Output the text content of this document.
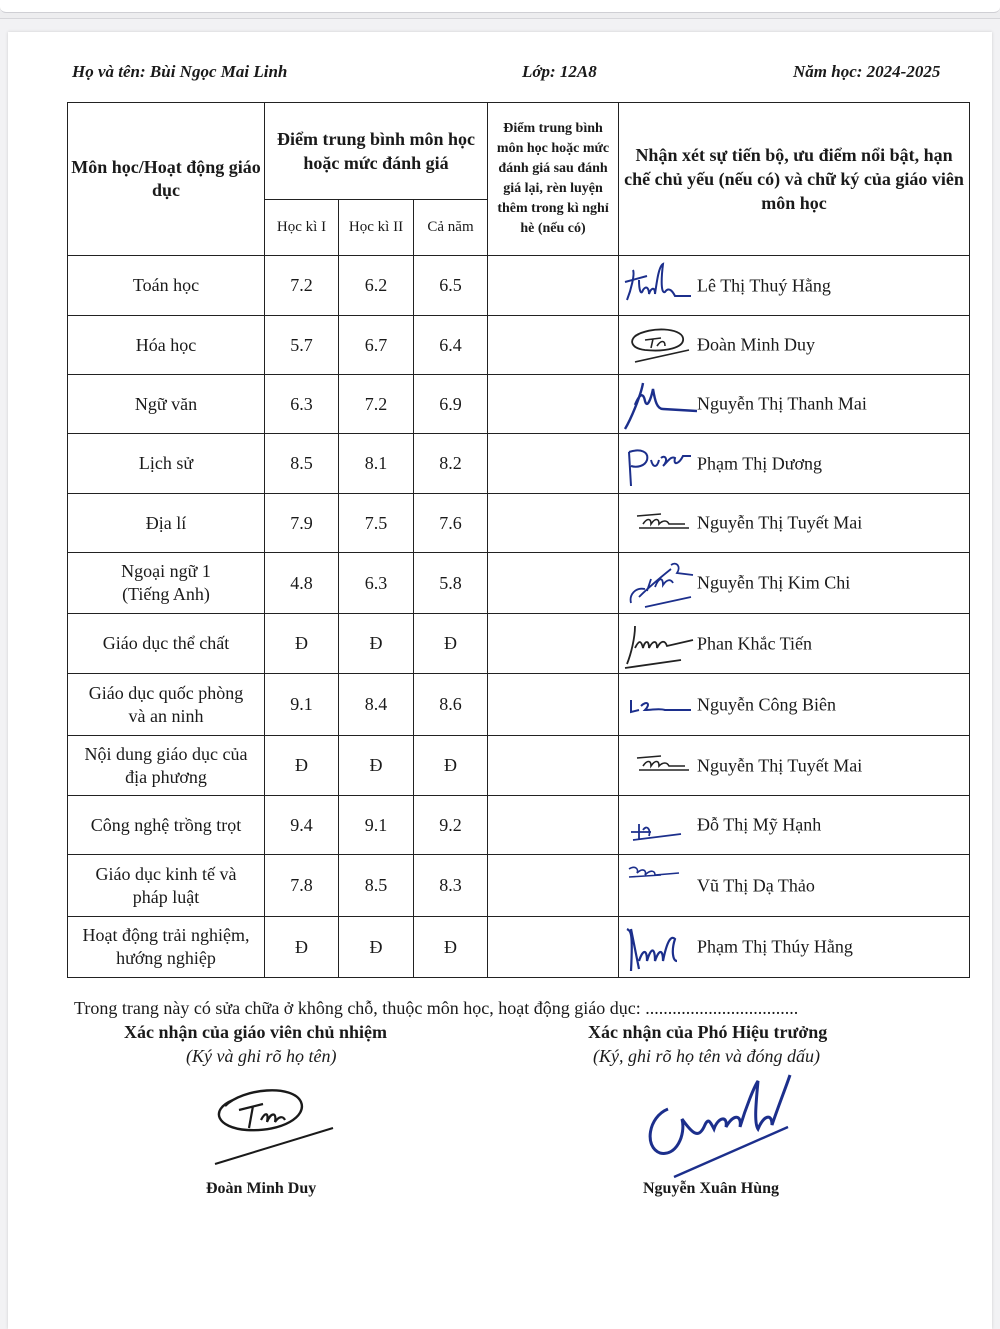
Họ và tên: Bùi Ngọc Mai Linh	Lớp: 12A8	Năm học: 2024-2025
Môn học/Hoạt động giáo dục	Điểm trung bình môn học hoặc mức đánh giá			Điểm trung bình môn học hoặc mức đánh giá sau đánh giá lại, rèn luyện thêm trong kì nghỉ hè (nếu có)	Nhận xét sự tiến bộ, ưu điểm nổi bật, hạn chế chủ yếu (nếu có) và chữ ký của giáo viên môn học
	Học kì I	Học kì II	Cả năm		
Toán học	7.2	6.2	6.5		Lê Thị Thuý Hằng

Hóa học	5.7	6.7	6.4		Đoàn Minh Duy

Ngữ văn	6.3	7.2	6.9		Nguyễn Thị Thanh Mai

Lịch sử	8.5	8.1	8.2		Phạm Thị Dương

Địa lí	7.9	7.5	7.6		Nguyễn Thị Tuyết Mai

Ngoại ngữ 1
(Tiếng Anh)	4.8	6.3	5.8		Nguyễn Thị Kim Chi

Giáo dục thể chất	Đ	Đ	Đ		Phan Khắc Tiến

Giáo dục quốc phòng
và an ninh	9.1	8.4	8.6		Nguyễn Công Biên

Nội dung giáo dục của
địa phương	Đ	Đ	Đ		Nguyễn Thị Tuyết Mai

Công nghệ trồng trọt	9.4	9.1	9.2		Đỗ Thị Mỹ Hạnh

Giáo dục kinh tế và
pháp luật	7.8	8.5	8.3		Vũ Thị Dạ Thảo

Hoạt động trải nghiệm,
hướng nghiệp	Đ	Đ	Đ		Phạm Thị Thúy Hằng
Trong trang này có sửa chữa ở không chỗ, thuộc môn học, hoạt động giáo dục: ..................................
Xác nhận của giáo viên chủ nhiệm
(Ký và ghi rõ họ tên)
Xác nhận của Phó Hiệu trưởng
(Ký, ghi rõ họ tên và đóng dấu)
Đoàn Minh Duy	Nguyễn Xuân Hùng
